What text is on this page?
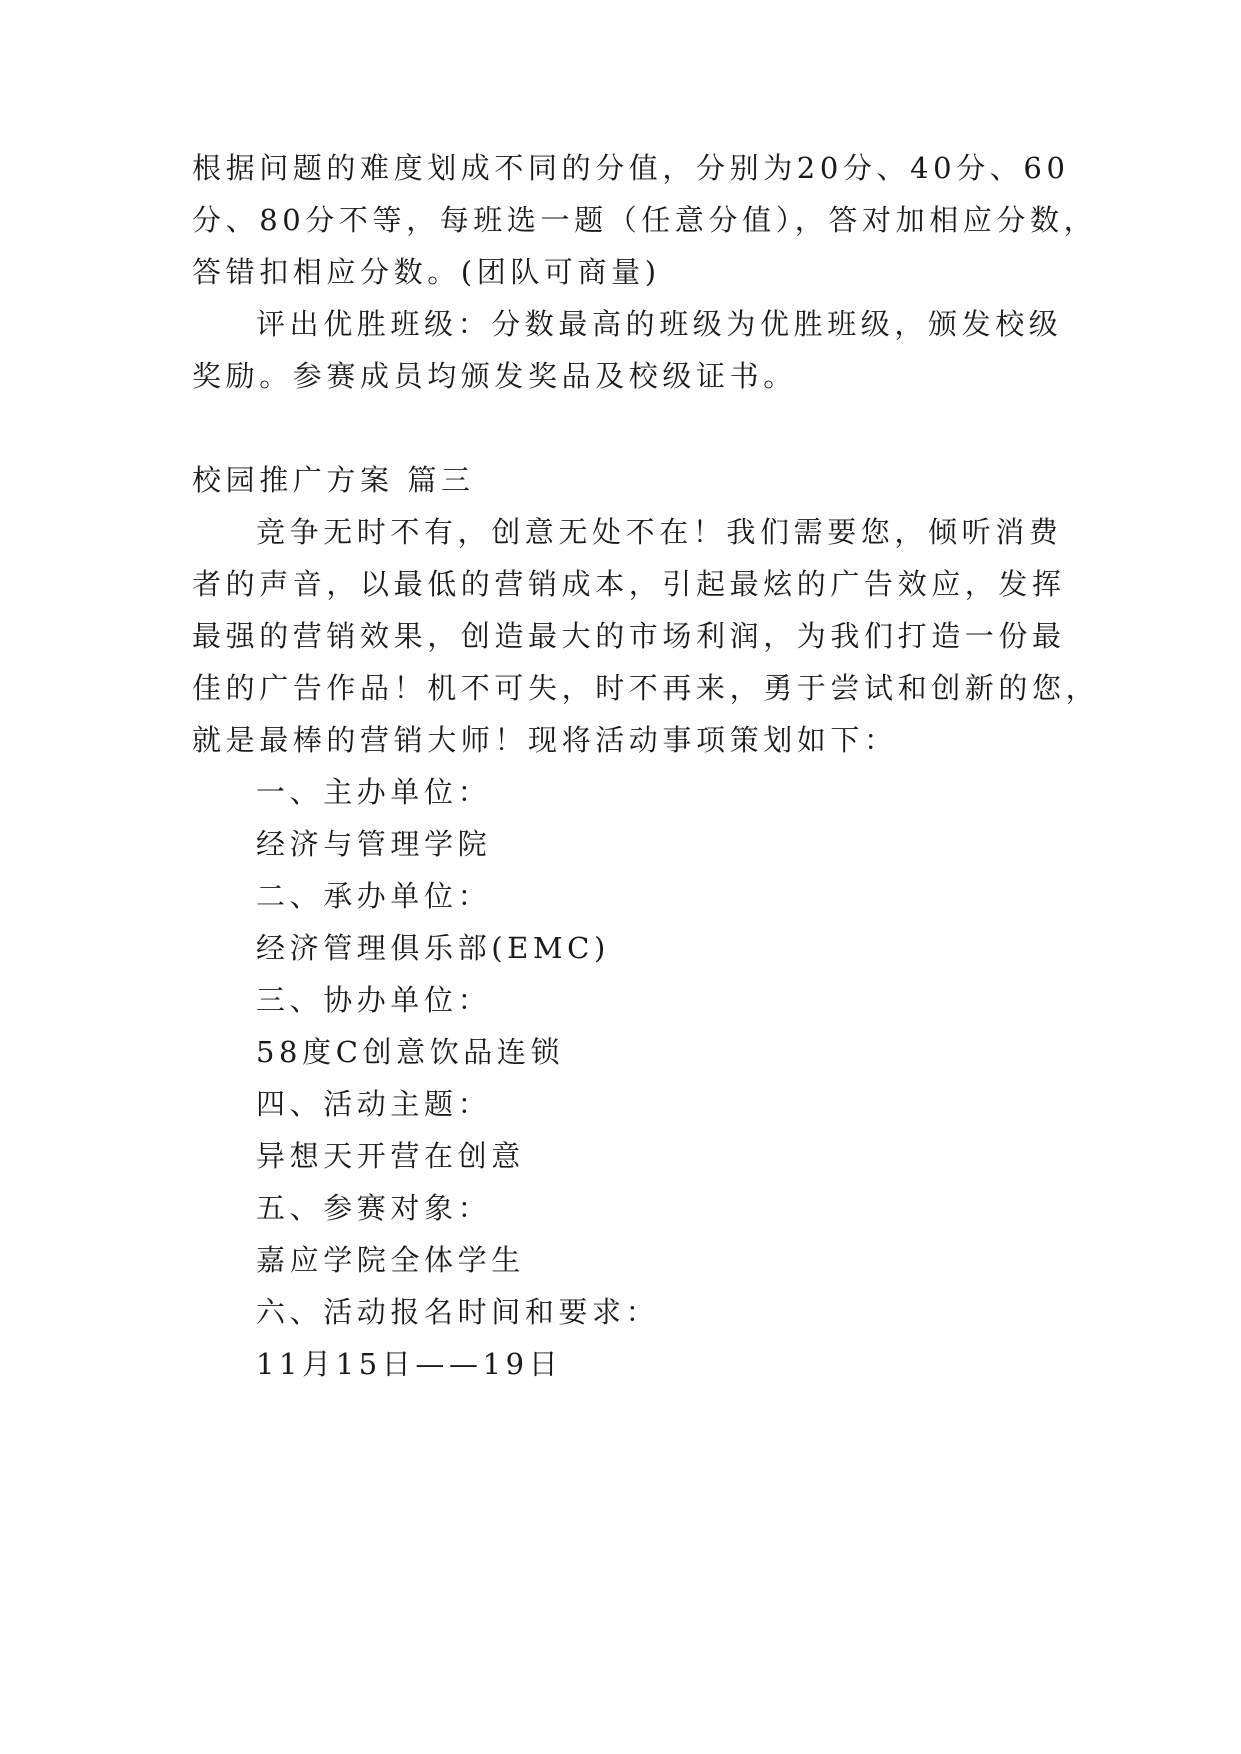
根据问题的难度划成不同的分值，分别为20分、40分、60
分、80分不等，每班选一题（任意分值），答对加相应分数，
答错扣相应分数。(团队可商量)
评出优胜班级：分数最高的班级为优胜班级，颁发校级
奖励。参赛成员均颁发奖品及校级证书。
校园推广方案 篇三
竞争无时不有，创意无处不在！我们需要您，倾听消费
者的声音，以最低的营销成本，引起最炫的广告效应，发挥
最强的营销效果，创造最大的市场利润，为我们打造一份最
佳的广告作品！机不可失，时不再来，勇于尝试和创新的您，
就是最棒的营销大师！现将活动事项策划如下：
一、主办单位：
经济与管理学院
二、承办单位：
经济管理俱乐部(EMC)
三、协办单位：
58度C创意饮品连锁
四、活动主题：
异想天开营在创意
五、参赛对象：
嘉应学院全体学生
六、活动报名时间和要求：
11月15日——19日
